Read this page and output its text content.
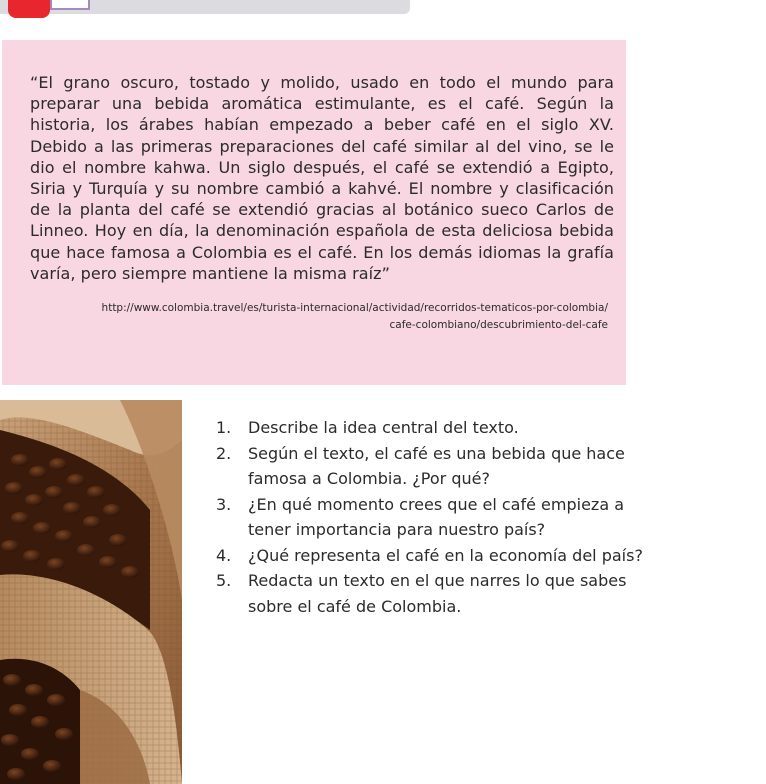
“El grano oscuro, tostado y molido, usado en todo el mundo para preparar una bebida aromática estimulante, es el café. Según la historia, los árabes habían empezado a beber café en el siglo XV. Debido a las primeras preparaciones del café similar al del vino, se le dio el nombre kahwa. Un siglo después, el café se extendió a Egipto, Siria y Turquía y su nombre cambió a kahvé. El nombre y clasificación de la planta del café se extendió gracias al botánico sueco Carlos de Linneo. Hoy en día, la denominación española de esta deliciosa bebida que hace famosa a Colombia es el café. En los demás idiomas la grafía varía, pero siempre mantiene la misma raíz”

http://www.colombia.travel/es/turista-internacional/actividad/recorridos-tematicos-por-colombia/
cafe-colombiano/descubrimiento-del-cafe
1.	Describe la idea central del texto.
2.	Según el texto, el café es una bebida que hace famosa a Colombia. ¿Por qué?
3.	¿En qué momento crees que el café empieza a tener importancia para nuestro país?
4.	¿Qué representa el café en la economía del país?
5.	Redacta un texto en el que narres lo que sabes sobre el café de Colombia.
